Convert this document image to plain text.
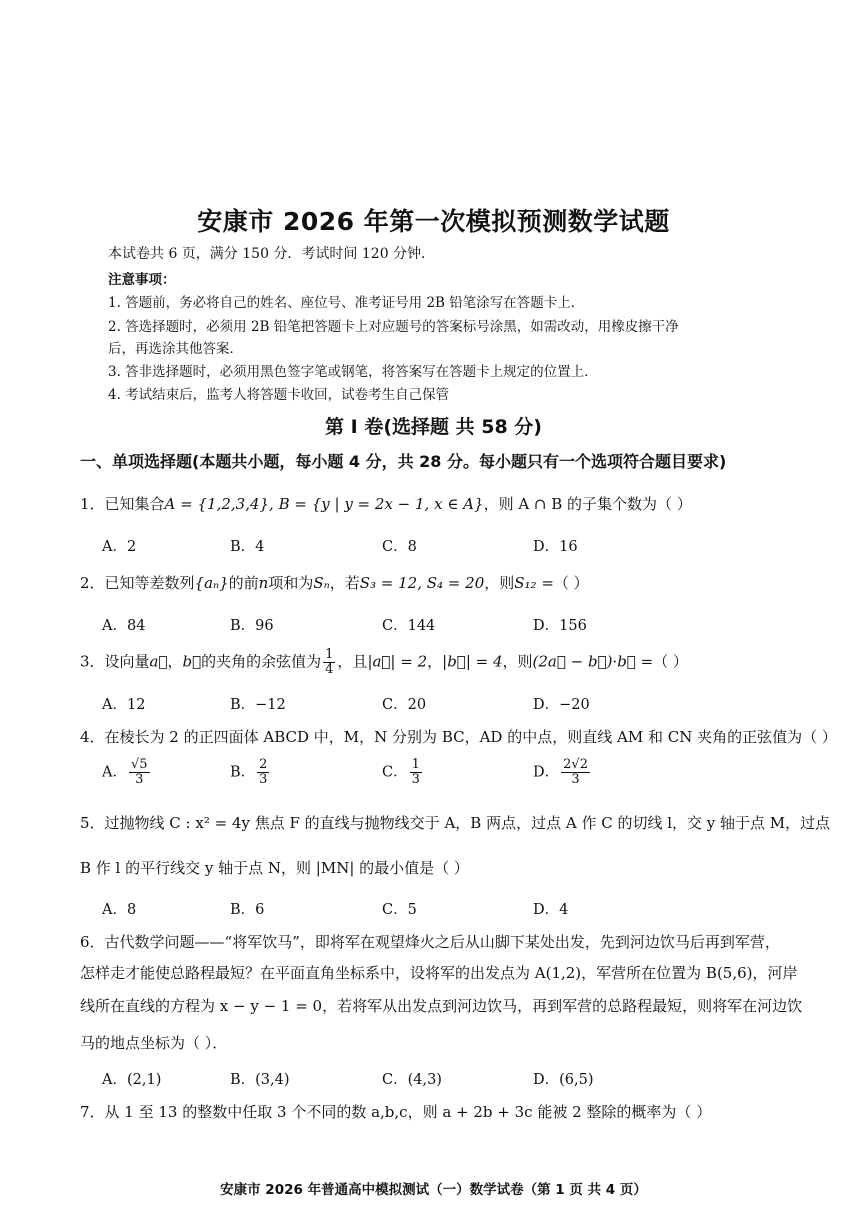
安康市 2026 年第一次模拟预测数学试题
本试卷共 6 页，满分 150 分．考试时间 120 分钟．
注意事项：
1. 答题前，务必将自己的姓名、座位号、准考证号用 2B 铅笔涂写在答题卡上．
2. 答选择题时，必须用 2B 铅笔把答题卡上对应题号的答案标号涂黑，如需改动，用橡皮擦干净
后，再选涂其他答案．
3. 答非选择题时，必须用黑色签字笔或钢笔，将答案写在答题卡上规定的位置上．
4. 考试结束后，监考人将答题卡收回，试卷考生自己保管
第 I 卷(选择题 共 58 分)
一、单项选择题(本题共小题，每小题 4 分，共 28 分。每小题只有一个选项符合题目要求)
1．已知集合A = {1,2,3,4}, B = {y | y = 2x − 1, x ∈ A}，则 A ∩ B 的子集个数为（ ）
A．2	B．4	C．8	D．16
2．已知等差数列{aₙ}的前n项和为Sₙ，若S₃ = 12, S₄ = 20，则S₁₂ =（ ）
A．84	B．96	C．144	D．156
3．设向量a⃗，b⃗的夹角的余弦值为 $\frac{1}{4}$ ，且|a⃗| = 2，|b⃗| = 4，则(2a⃗ − b⃗)·b⃗ =（ ）
A．12	B．−12	C．20	D．−20
4．在棱长为 2 的正四面体 ABCD 中，M，N 分别为 BC，AD 的中点，则直线 AM 和 CN 夹角的正弦值为（ ）
A． $\frac{√5}{3}$	B． $\frac{2}{3}$	C． $\frac{1}{3}$	D． $\frac{2√2}{3}$
5．过抛物线 C : x² = 4y 焦点 F 的直线与抛物线交于 A，B 两点，过点 A 作 C 的切线 l，交 y 轴于点 M，过点
B 作 l 的平行线交 y 轴于点 N，则 |MN| 的最小值是（ ）
A．8	B．6	C．5	D．4
6．古代数学问题——“将军饮马”，即将军在观望烽火之后从山脚下某处出发，先到河边饮马后再到军营，
怎样走才能使总路程最短？在平面直角坐标系中，设将军的出发点为 A(1,2)，军营所在位置为 B(5,6)，河岸
线所在直线的方程为 x − y − 1 = 0，若将军从出发点到河边饮马，再到军营的总路程最短，则将军在河边饮
马的地点坐标为（ ）．
A．(2,1)	B．(3,4)	C．(4,3)	D．(6,5)
7．从 1 至 13 的整数中任取 3 个不同的数 a,b,c，则 a + 2b + 3c 能被 2 整除的概率为（ ）
安康市 2026 年普通高中模拟测试（一）数学试卷（第 1 页 共 4 页）
